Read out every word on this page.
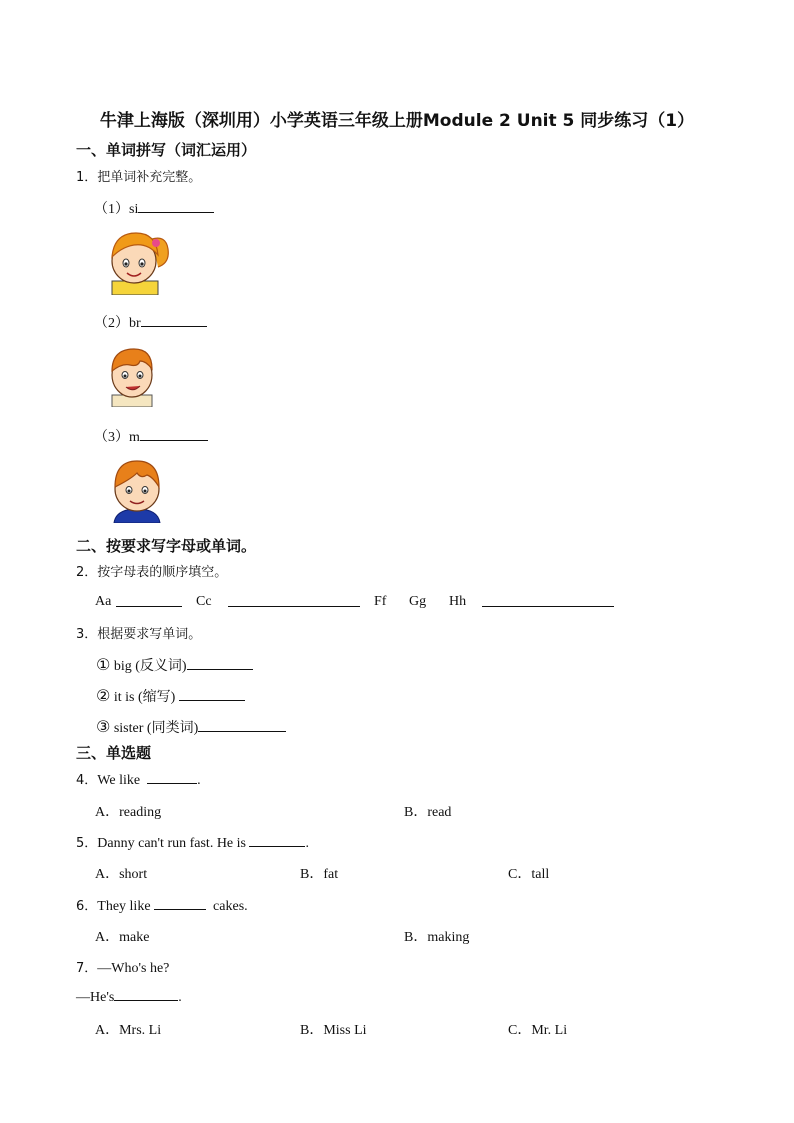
牛津上海版（深圳用）小学英语三年级上册Module 2 Unit 5 同步练习（1）
一、单词拼写（词汇运用）
1．把单词补充完整。
（1）si
（2）br
（3）m
二、按要求写字母或单词。
2．按字母表的顺序填空。
Aa	Cc	Ff Gg Hh
3．根据要求写单词。
① big (反义词)
② it is (缩写)
③ sister (同类词)
三、单选题
4．We like	.
A．reading	B．read
5．Danny can't run fast. He is	.
A．short	B．fat	C．tall
6．They like	cakes.
A．make	B．making
7．—Who's he?
—He's	.
A．Mrs. Li	B．Miss Li	C．Mr. Li
